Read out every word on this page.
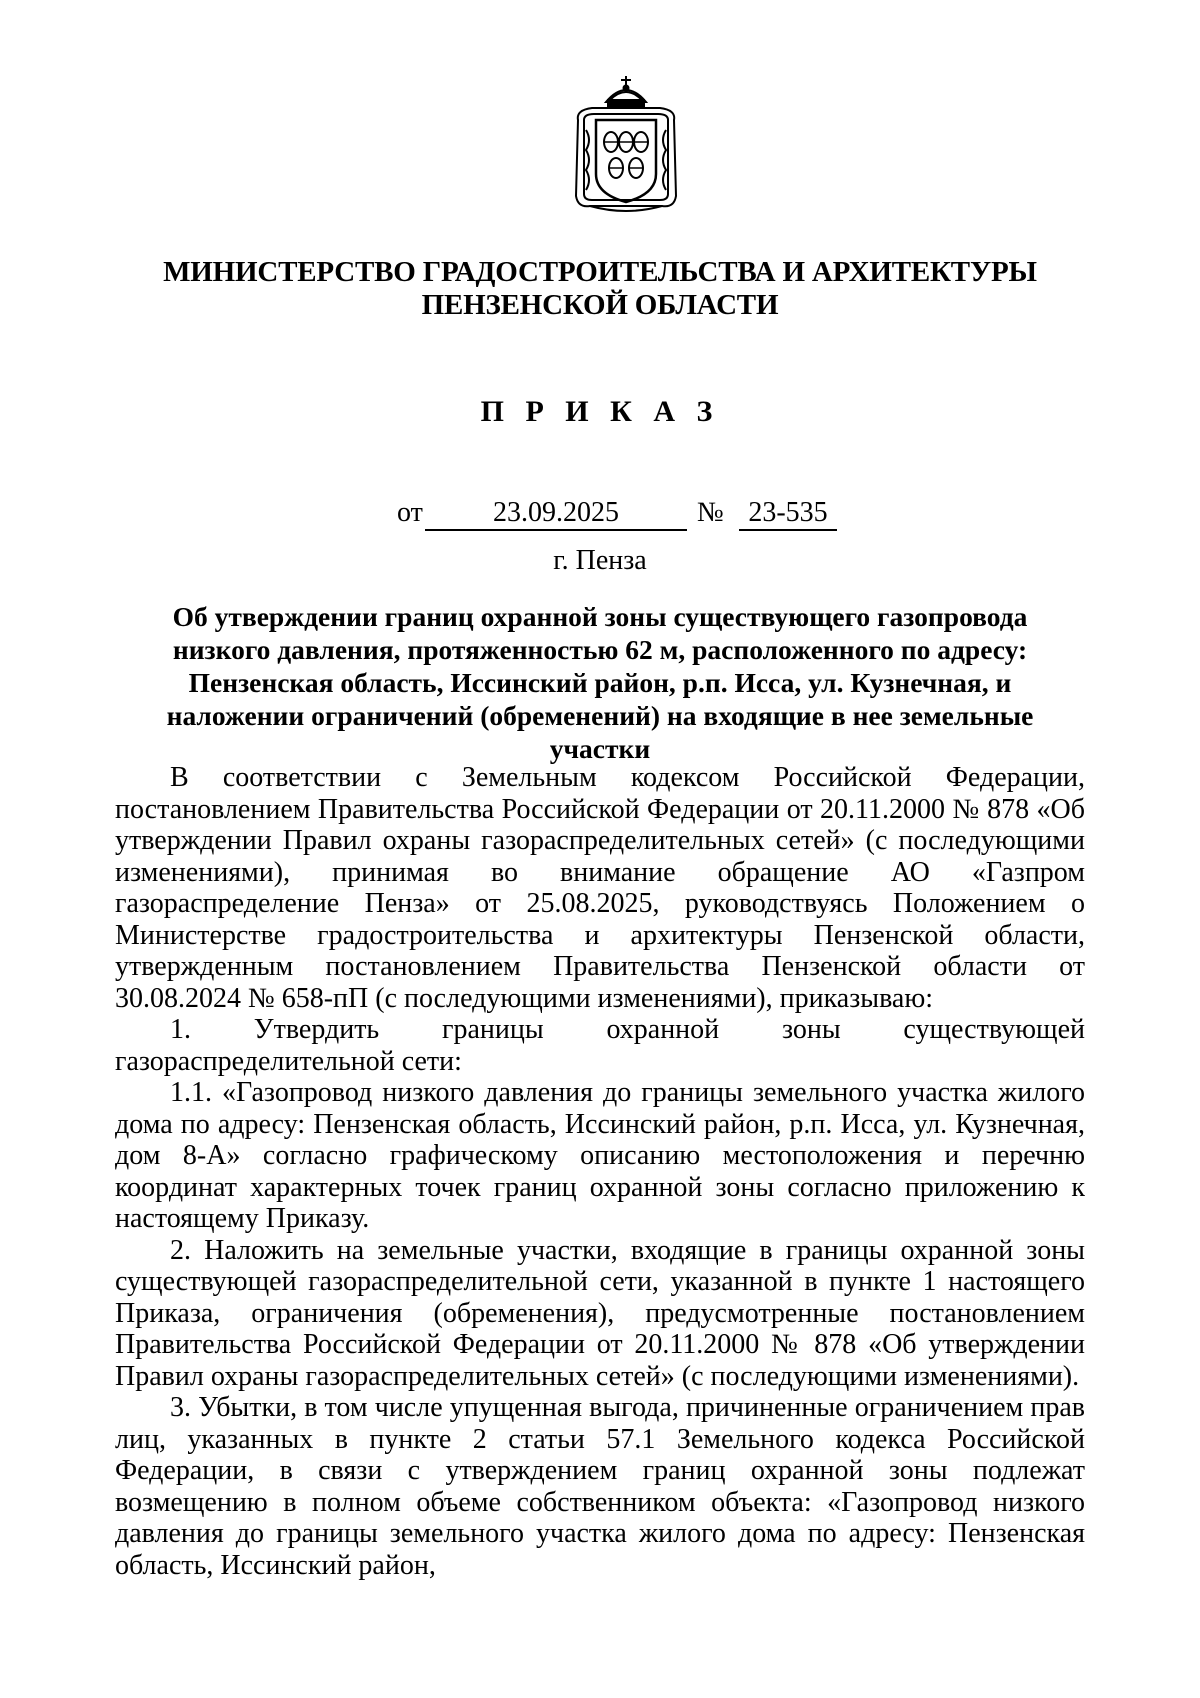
МИНИСТЕРСТВО ГРАДОСТРОИТЕЛЬСТВА И АРХИТЕКТУРЫ
ПЕНЗЕНСКОЙ ОБЛАСТИ
П Р И К А З
от	23.09.2025	№ 23-535
г. Пенза
Об утверждении границ охранной зоны существующего газопровода низкого давления, протяженностью 62 м, расположенного по адресу: Пензенская область, Иссинский район, р.п. Исса, ул. Кузнечная, и наложении ограничений (обременений) на входящие в нее земельные участки

В соответствии с Земельным кодексом Российской Федерации, постановлением Правительства Российской Федерации от 20.11.2000 № 878 «Об утверждении Правил охраны газораспределительных сетей» (с последующими изменениями), принимая во внимание обращение АО «Газпром газораспределение Пенза» от 25.08.2025, руководствуясь Положением о Министерстве градостроительства и архитектуры Пензенской области, утвержденным постановлением Правительства Пензенской области от 30.08.2024 № 658-пП (с последующими изменениями), приказываю:

1. Утвердить границы охранной зоны существующей газораспределительной сети:

1.1. «Газопровод низкого давления до границы земельного участка жилого дома по адресу: Пензенская область, Иссинский район, р.п. Исса, ул. Кузнечная, дом 8-А» согласно графическому описанию местоположения и перечню координат характерных точек границ охранной зоны согласно приложению к настоящему Приказу.

2. Наложить на земельные участки, входящие в границы охранной зоны существующей газораспределительной сети, указанной в пункте 1 настоящего Приказа, ограничения (обременения), предусмотренные постановлением Правительства Российской Федерации от 20.11.2000 № 878 «Об утверждении Правил охраны газораспределительных сетей» (с последующими изменениями).

3. Убытки, в том числе упущенная выгода, причиненные ограничением прав лиц, указанных в пункте 2 статьи 57.1 Земельного кодекса Российской Федерации, в связи с утверждением границ охранной зоны подлежат возмещению в полном объеме собственником объекта: «Газопровод низкого давления до границы земельного участка жилого дома по адресу: Пензенская область, Иссинский район,
